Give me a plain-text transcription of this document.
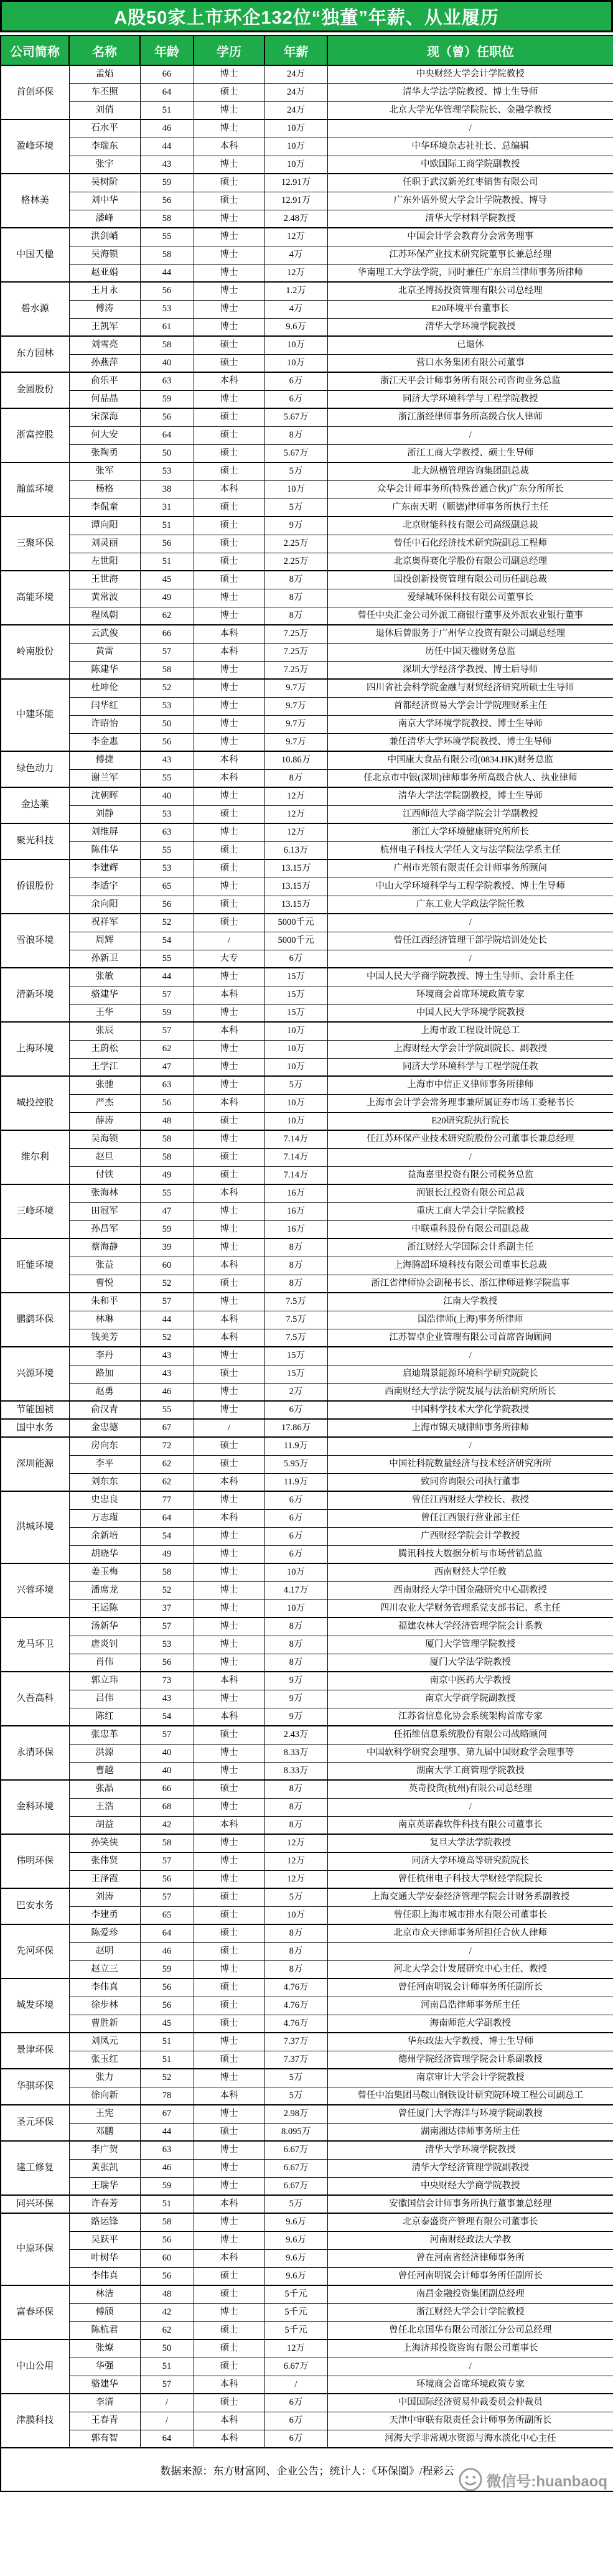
A股50家上市环企132位“独董”年薪、从业履历
公司简称	名称	年龄	学历	年薪	现（曾）任职位
首创环保	孟焰	66	博士	24万	中央财经大学会计学院教授
	车丕照	64	硕士	24万	清华大学法学院教授、博士生导师
	刘俏	51	博士	24万	北京大学光华管理学院院长、金融学教授
盈峰环境	石水平	46	博士	10万	/
	李瑞东	44	本科	10万	中华环境杂志社社长、总编辑
	张宇	43	博士	10万	中欧国际工商学院副教授
格林美	吴树阶	59	硕士	12.91万	任职于武汉新羌红枣销售有限公司
	刘中华	56	硕士	12.91万	广东外语外贸大学会计学院教授、博导
	潘峰	58	博士	2.48万	清华大学材料学院教授
中国天楹	洪剑峭	55	博士	12万	中国会计学会教育分会常务理事
	吴海锁	58	博士	4万	江苏环保产业技术研究院董事长兼总经理
	赵亚娟	44	博士	12万	华南理工大学法学院，同时兼任广东启兰律师事务所律师
碧水源	王月永	56	博士	1.2万	北京圣博扬投资管理有限公司总经理
	傅涛	53	博士	4万	E20环境平台董事长
	王凯军	61	博士	9.6万	清华大学环境学院教授
东方园林	刘雪亮	58	硕士	10万	已退休
	孙燕萍	40	硕士	10万	营口水务集团有限公司董事
金圆股份	俞乐平	63	本科	6万	浙江天平会计师事务所有限公司咨询业务总监
	何品晶	59	博士	6万	同济大学环境科学与工程学院教授
浙富控股	宋深海	56	硕士	5.67万	浙江浙经律师事务所高级合伙人律师
	何大安	64	硕士	8万	/
	张陶勇	50	硕士	5.67万	浙江工商大学教授、硕士生导师
瀚蓝环境	张军	53	硕士	5万	北大纵横管理咨询集团副总裁
	杨格	38	本科	10万	众华会计师事务所(特殊普通合伙)广东分所所长
	李侃童	31	硕士	5万	广东南天明（顺德)律师事务所执行主任
三聚环保	谭向阳	51	硕士	9万	北京财能科技有限公司高级副总裁
	刘灵丽	56	硕士	2.25万	曾任中石化经济技术研究院副总工程师
	左世阳	51	硕士	2.25万	北京奥得赛化学股份有限公司副总经理
高能环境	王世海	45	硕士	8万	国投创新投资管理有限公司历任副总裁
	黄常波	49	博士	8万	爱绿城环保科技有限公司董事长
	程凤朝	62	博士	8万	曾任中央汇金公司外派工商银行董事及外派农业银行董事
岭南股份	云武俊	66	本科	7.25万	退休后曾服务于广州华立投资有限公司副总经理
	黄雷	57	本科	7.25万	历任中国天楹财务总监
	陈建华	58	博士	7.25万	深圳大学经济学教授、博士后导师
中建环能	杜坤伦	52	博士	9.7万	四川省社会科学院金融与财贸经济研究所硕士生导师
	闫华红	53	博士	9.7万	首都经济贸易大学会计学院理财系主任
	许昭怡	50	博士	9.7万	南京大学环境学院教授、博士生导师
	李金惠	56	博士	9.7万	兼任清华大学环境学院教授、博士生导师
绿色动力	傅捷	43	本科	10.86万	中国康大食品有限公司(0834.HK)财务总监
	谢兰军	55	本科	8万	任北京市中银(深圳)律师事务所高级合伙人、执业律师
金达莱	沈朝晖	40	博士	12万	清华大学法学院副教授，博士生导师
	刘静	53	硕士	12万	江西师范大学商学院会计学副教授
聚光科技	刘维屏	63	博士	12万	浙江大学环境健康研究所所长
	陈伟华	55	硕士	6.13万	杭州电子科技大学任人文与法学院法学系主任
侨银股份	李建辉	53	硕士	13.15万	广州市光领有限责任会计师事务所顾问
	李适宇	65	博士	13.15万	中山大学环境科学与工程学院教授、博士生导师
	余向阳	56	硕士	13.15万	广东工业大学政法学院任教
雪浪环境	祝祥军	52	硕士	5000千元	/
	周辉	54	/	5000千元	曾任江西经济管理干部学院培训处处长
	孙新卫	55	大专	6万	/
清新环境	张敏	44	博士	15万	中国人民大学商学院教授、博士生导师、会计系主任
	骆建华	57	本科	15万	环境商会首席环境政策专家
	王华	59	博士	15万	中国人民大学环境学院教授
上海环境	张辰	57	本科	10万	上海市政工程设计院总工
	王蔚松	62	博士	10万	上海财经大学会计学院副院长、副教授
	王学江	47	博士	10万	同济大学环境科学与工程学院任教
城投控股	张驰	63	博士	5万	上海市中信正义律师事务所律师
	严杰	56	本科	10万	上海市会计学会常务理事兼所属证券市场工委秘书长
	薛涛	48	硕士	10万	E20研究院执行院长
维尔利	吴海锁	58	博士	7.14万	任江苏环保产业技术研究院股份公司董事长兼总经理
	赵旦	58	硕士	7.14万	/
	付铁	49	硕士	7.14万	益海嘉里投资有限公司税务总监
三峰环境	张海林	55	本科	16万	润银长江投资有限公司总裁
	田冠军	47	博士	16万	重庆工商大学会计学院教授
	孙昌军	59	博士	16万	中联重科股份有限公司副总裁
旺能环境	蔡海静	39	博士	8万	浙江财经大学国际会计系副主任
	张益	60	本科	8万	上海腾韶环境科技有限公司董事长总裁
	曹悦	52	硕士	8万	浙江省律师协会副秘书长、浙江律师进修学院监事
鹏鹞环保	朱和平	57	博士	7.5万	江南大学教授
	林琳	44	本科	7.5万	国浩律师(上海)事务所律师
	钱美芳	52	本科	7.5万	江苏智卓企业管理有限公司首席咨询顾问
兴源环境	李丹	43	博士	15万	/
	路加	43	硕士	15万	启迪瑞景能源环境科学研究院院长
	赵勇	46	博士	2万	西南财经大学法学院发展与法治研究所所长
节能国祯	俞汉青	55	博士	6万	中国科学技术大学化学院教授
国中水务	金忠德	67	/	17.86万	上海市锦天城律师事务所律师
深圳能源	房向东	72	硕士	11.9万	/
	李平	62	硕士	5.95万	中国社科院数量经济与技术经济研究所所
	刘东东	62	本科	11.9万	致同咨询限公司执行董事
洪城环境	史忠良	77	博士	6万	曾任江西财经大学校长、教授
	万志瑾	64	本科	6万	曾任江西银行营业部主任
	余新培	54	博士	6万	广西财经学院会计学教授
	胡晓华	49	博士	6万	腾讯科技大数据分析与市场营销总监
兴蓉环境	姜玉梅	58	博士	10万	西南财经大学任教
	潘席龙	52	博士	4.17万	西南财经大学中国金融研究中心副教授
	王运陈	37	博士	10万	四川农业大学财务管理系党支部书记、系主任
龙马环卫	汤新华	57	博士	8万	福建农林大学经济管理学院会计系教
	唐炎钊	53	博士	8万	厦门大学管理学院教授
	肖伟	56	博士	8万	厦门大学法学院教授
久吾高科	郭立玮	73	本科	9万	南京中医药大学教授
	吕伟	43	博士	9万	南京大学商学院副教授
	陈红	54	本科	9万	江苏省信息化协会系统架构首席专家
永清环保	张忠革	57	硕士	2.43万	任拓维信息系统股份有限公司战略顾问
	洪源	40	博士	8.33万	中国软科学研究会理事、第九届中国财政学会理事等
	曹越	40	博士	8.33万	湖南大学工商管理学院教授
金科环境	张晶	66	硕士	8万	英奇投资(杭州)有限公司总经理
	王浩	68	博士	8万	/
	胡益	42	本科	8万	南京英诺森软件科技有限公司董事长
伟明环保	孙笑侠	58	博士	12万	复旦大学法学院教授
	张伟贤	57	博士	12万	同济大学环境高等研究院院长
	王泽霞	56	博士	12万	曾任杭州电子科技大学财经学院院长
巴安水务	刘涛	57	硕士	5万	上海交通大学安泰经济管理学院会计财务系副教授
	李建勇	65	硕士	10万	曾任职上海市城市排水有限公司董事长
先河环保	陈爱珍	64	硕士	8万	北京市众天律师事务所担任合伙人律师
	赵明	46	硕士	8万	/
	赵立三	59	博士	8万	河北大学会计发展研究中心主任、教授
城发环境	李伟真	56	硕士	4.76万	曾任河南明锐会计师事务所任副所长
	徐步林	56	硕士	4.76万	河南昌浩律师事务所主任
	曹胜新	45	硕士	4.76万	海南师范大学副教授
景津环保	刘凤元	51	博士	7.37万	华东政法大学教授、博士生导师
	张玉红	51	硕士	7.37万	德州学院经济管理学院会计系副教授
华骐环保	张力	52	博士	5万	南京审计大学会计学院教授
	徐向新	78	本科	5万	曾任中冶集团马鞍山钢铁设计研究院环境工程公司副总工
圣元环保	王宪	67	博士	2.98万	曾任厦门大学海洋与环境学院副教授
	邓鹏	44	硕士	8.095万	湖南湘达律师事务所主任
建工修复	李广贺	63	博士	6.67万	清华大学环境学院教授
	黄张凯	46	博士	6.67万	清华大学经济管理学院副教授
	王瑞华	59	博士	6.67万	中央财经大学商学院教授
同兴环保	许春芳	51	本科	5万	安徽国信会计师事务所执行董事兼总经理
中原环保	路运锋	58	博士	9.6万	北京泰盛资产管理有限公司董事长
	吴跃平	56	博士	9.6万	河南财经政法大学教
	叶树华	60	本科	9.6万	曾在河南省经济律师事务所
	李伟真	56	硕士	9.6万	曾任河南明锐会计师事务所任副所长
富春环保	林洁	48	硕士	5千元	南昌金融投资集团副总经理
	傅颀	42	博士	5千元	浙江财经大学会计学院教授
	陈杭君	62	硕士	5千元	曾任北京国华有限公司浙江分公司总经理
中山公用	张燎	50	硕士	12万	上海济邦投资咨询有限公司董事长
	华强	51	硕士	6.67万	/
	骆建华	57	本科	/	环境商会首席环境政策专家
津膜科技	李清	/	硕士	6万	中国国际经济贸易仲裁委员会仲裁员
	王春青	/	本科	6万	天津中审联有限责任会计师事务所副所长
	郭有智	64	本科	6万	河海大学非常规水资源与海水淡化中心主任

数据来源：东方财富网、企业公告；统计人：《环保圈》/程彩云
微信号:huanbaoq					
